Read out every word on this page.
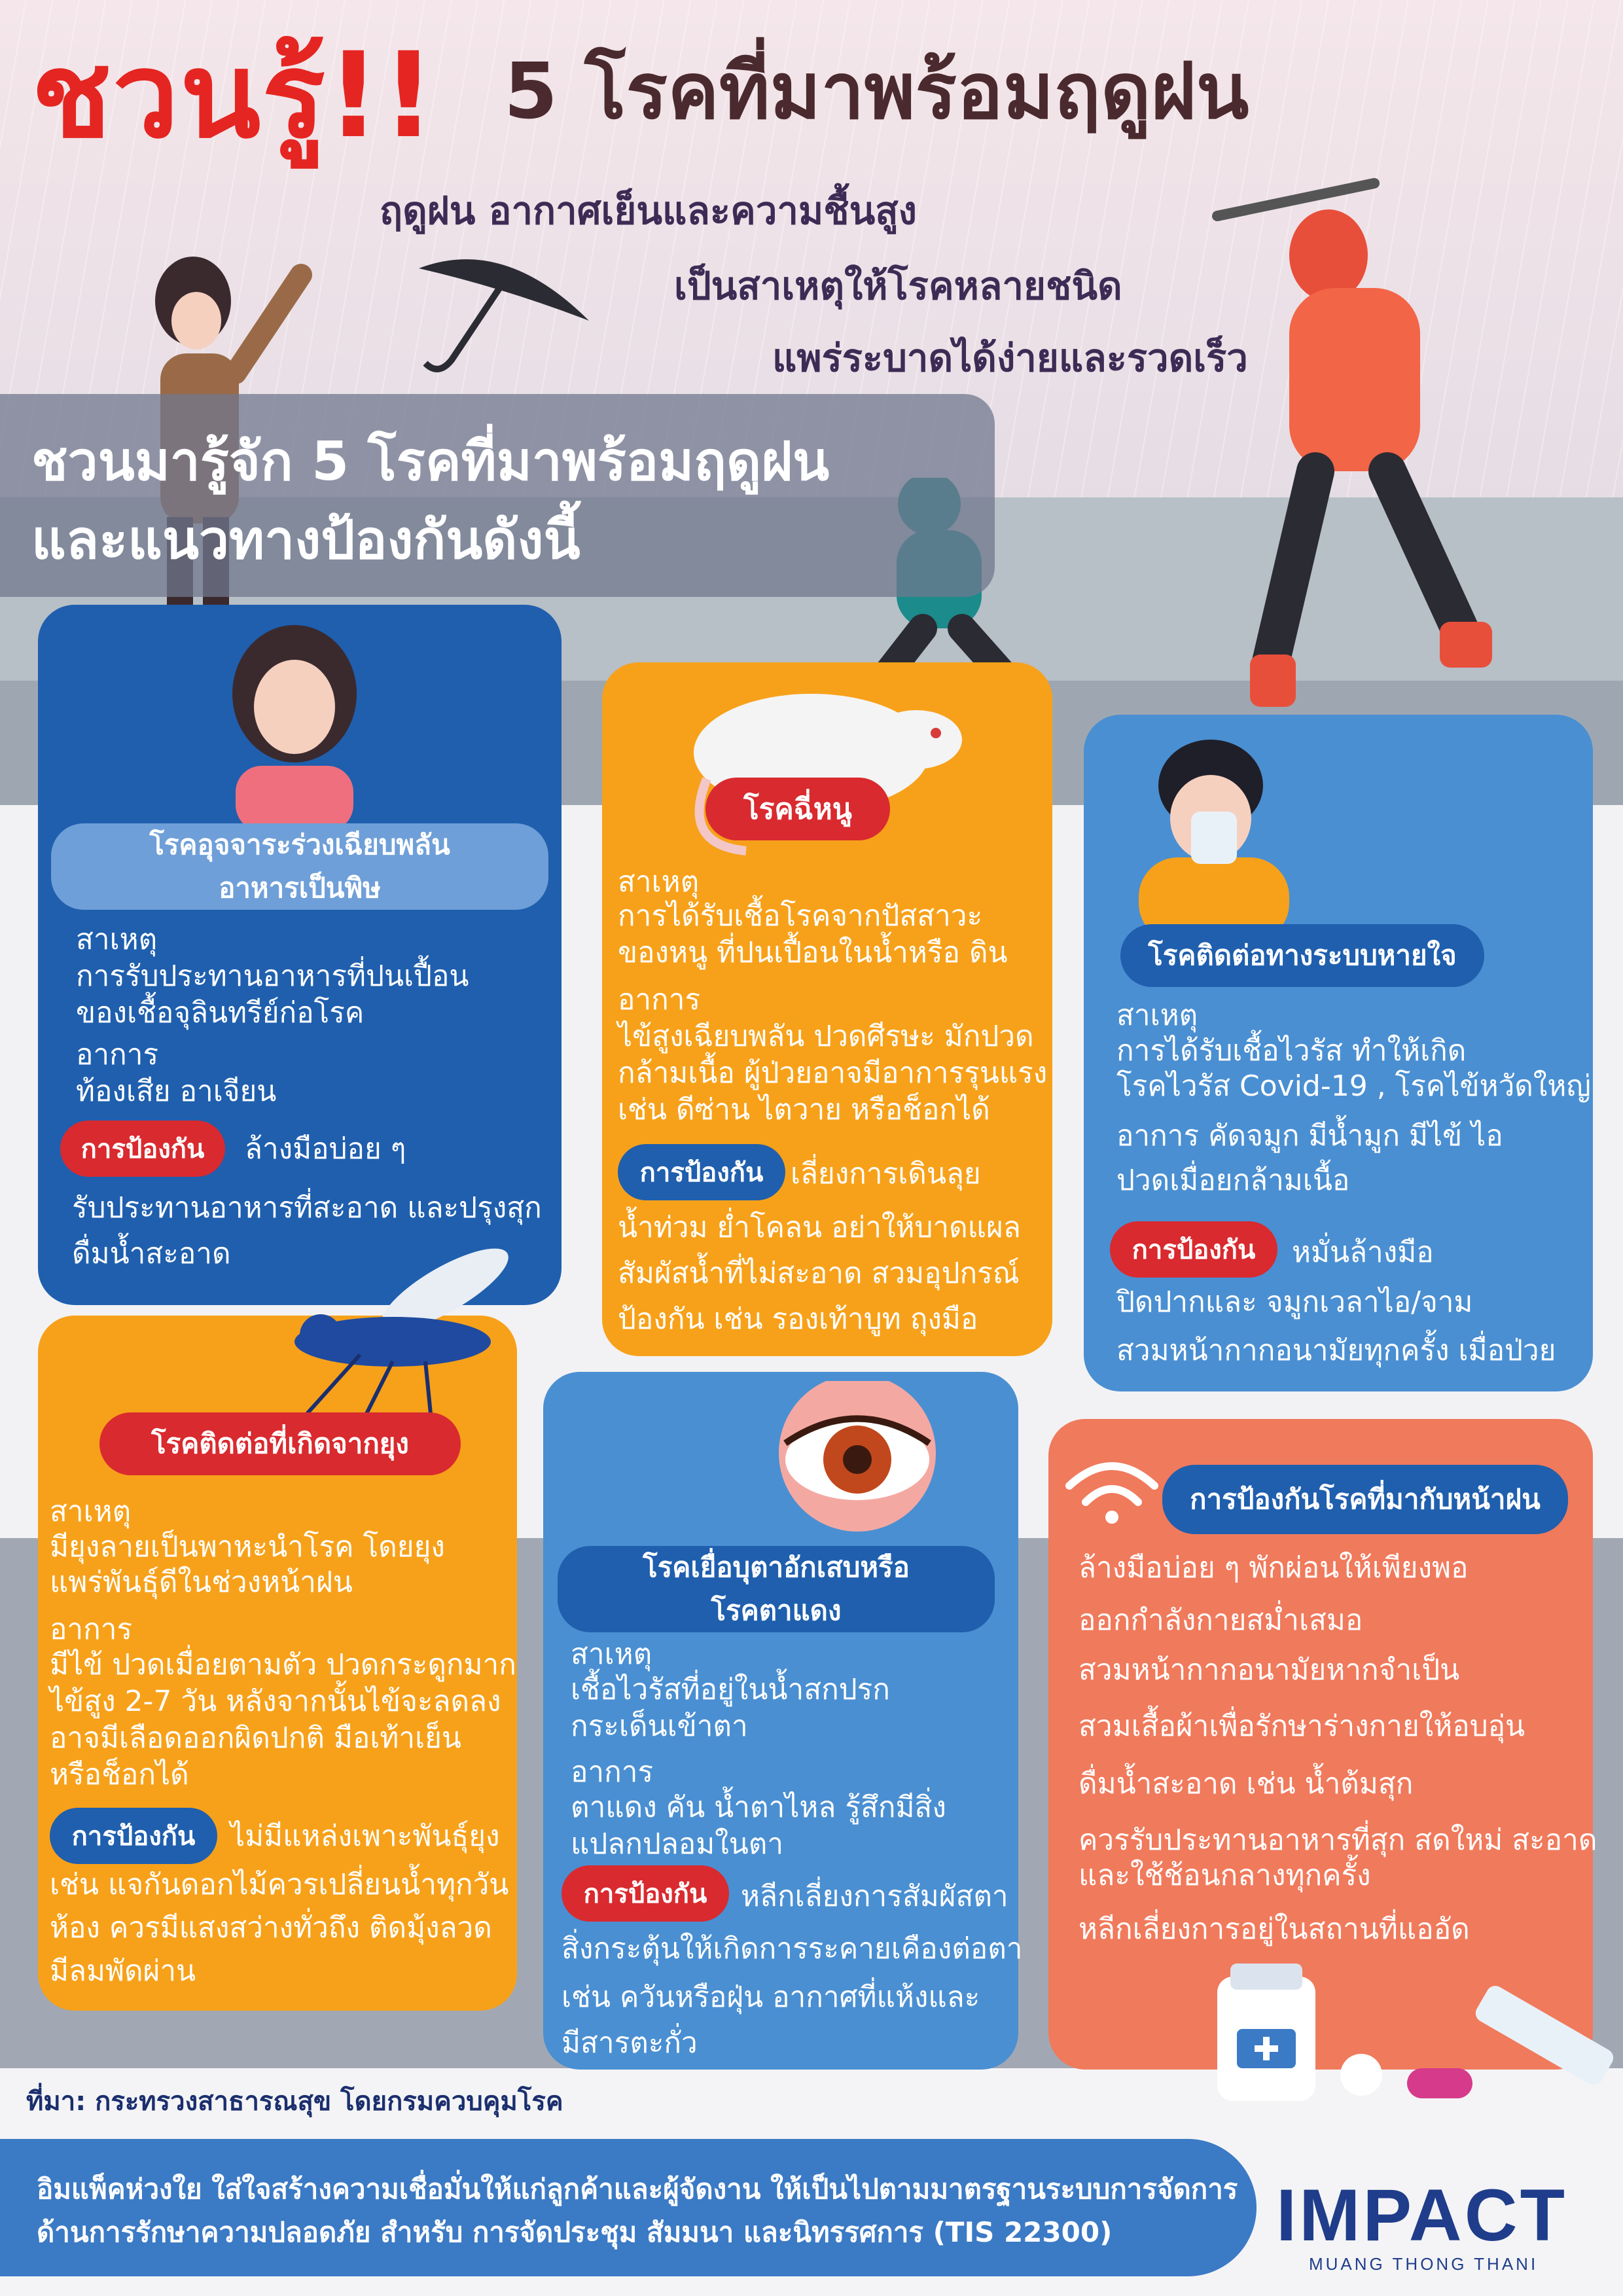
ชวนรู้!! 5 โรคที่มาพร้อมฤดูฝน
ฤดูฝน อากาศเย็นและความชื้นสูง
เป็นสาเหตุให้โรคหลายชนิด
แพร่ระบาดได้ง่ายและรวดเร็ว
ชวนมารู้จัก 5 โรคที่มาพร้อมฤดูฝน
และแนวทางป้องกันดังนี้
โรคอุจจาระร่วงเฉียบพลัน
อาหารเป็นพิษ
สาเหตุ
การรับประทานอาหารที่ปนเปื้อน
ของเชื้อจุลินทรีย์ก่อโรค
อาการ
ท้องเสีย อาเจียน
การป้องกัน	ล้างมือบ่อย ๆ
รับประทานอาหารที่สะอาด และปรุงสุก
ดื่มน้ำสะอาด
โรคฉี่หนู
สาเหตุ
การได้รับเชื้อโรคจากปัสสาวะ
ของหนู ที่ปนเปื้อนในน้ำหรือ ดิน
อาการ
ไข้สูงเฉียบพลัน ปวดศีรษะ มักปวด
กล้ามเนื้อ ผู้ป่วยอาจมีอาการรุนแรง
เช่น ดีซ่าน ไตวาย หรือช็อกได้
การป้องกัน เลี่ยงการเดินลุย
น้ำท่วม ย่ำโคลน อย่าให้บาดแผล
สัมผัสน้ำที่ไม่สะอาด สวมอุปกรณ์
ป้องกัน เช่น รองเท้าบูท ถุงมือ
โรคติดต่อทางระบบหายใจ
สาเหตุ
การได้รับเชื้อไวรัส ทำให้เกิด
โรคไวรัส Covid-19 , โรคไข้หวัดใหญ่
อาการ คัดจมูก มีน้ำมูก มีไข้ ไอ
ปวดเมื่อยกล้ามเนื้อ
การป้องกัน	หมั่นล้างมือ
ปิดปากและ จมูกเวลาไอ/จาม
สวมหน้ากากอนามัยทุกครั้ง เมื่อป่วย
โรคติดต่อที่เกิดจากยุง
สาเหตุ
มียุงลายเป็นพาหะนำโรค โดยยุง
แพร่พันธุ์ดีในช่วงหน้าฝน
อาการ
มีไข้ ปวดเมื่อยตามตัว ปวดกระดูกมาก
ไข้สูง 2-7 วัน หลังจากนั้นไข้จะลดลง
อาจมีเลือดออกผิดปกติ มือเท้าเย็น
หรือช็อกได้
การป้องกัน	ไม่มีแหล่งเพาะพันธุ์ยุง
เช่น แจกันดอกไม้ควรเปลี่ยนน้ำทุกวัน
ห้อง ควรมีแสงสว่างทั่วถึง ติดมุ้งลวด
มีลมพัดผ่าน
โรคเยื่อบุตาอักเสบหรือ
โรคตาแดง
สาเหตุ
เชื้อไวรัสที่อยู่ในน้ำสกปรก
กระเด็นเข้าตา
อาการ
ตาแดง คัน น้ำตาไหล รู้สึกมีสิ่ง
แปลกปลอมในตา
การป้องกัน	หลีกเลี่ยงการสัมผัสตา
สิ่งกระตุ้นให้เกิดการระคายเคืองต่อตา
เช่น ควันหรือฝุ่น อากาศที่แห้งและ
มีสารตะกั่ว
การป้องกันโรคที่มากับหน้าฝน
ล้างมือบ่อย ๆ พักผ่อนให้เพียงพอ
ออกกำลังกายสม่ำเสมอ
สวมหน้ากากอนามัยหากจำเป็น
สวมเสื้อผ้าเพื่อรักษาร่างกายให้อบอุ่น
ดื่มน้ำสะอาด เช่น น้ำต้มสุก
ควรรับประทานอาหารที่สุก สดใหม่ สะอาด
และใช้ช้อนกลางทุกครั้ง
หลีกเลี่ยงการอยู่ในสถานที่แออัด
ที่มา: กระทรวงสาธารณสุข โดยกรมควบคุมโรค
อิมแพ็คห่วงใย ใส่ใจสร้างความเชื่อมั่นให้แก่ลูกค้าและผู้จัดงาน ให้เป็นไปตามมาตรฐานระบบการจัดการ
ด้านการรักษาความปลอดภัย สำหรับ การจัดประชุม สัมมนา และนิทรรศการ (TIS 22300) IMPACT
MUANG THONG THANI
